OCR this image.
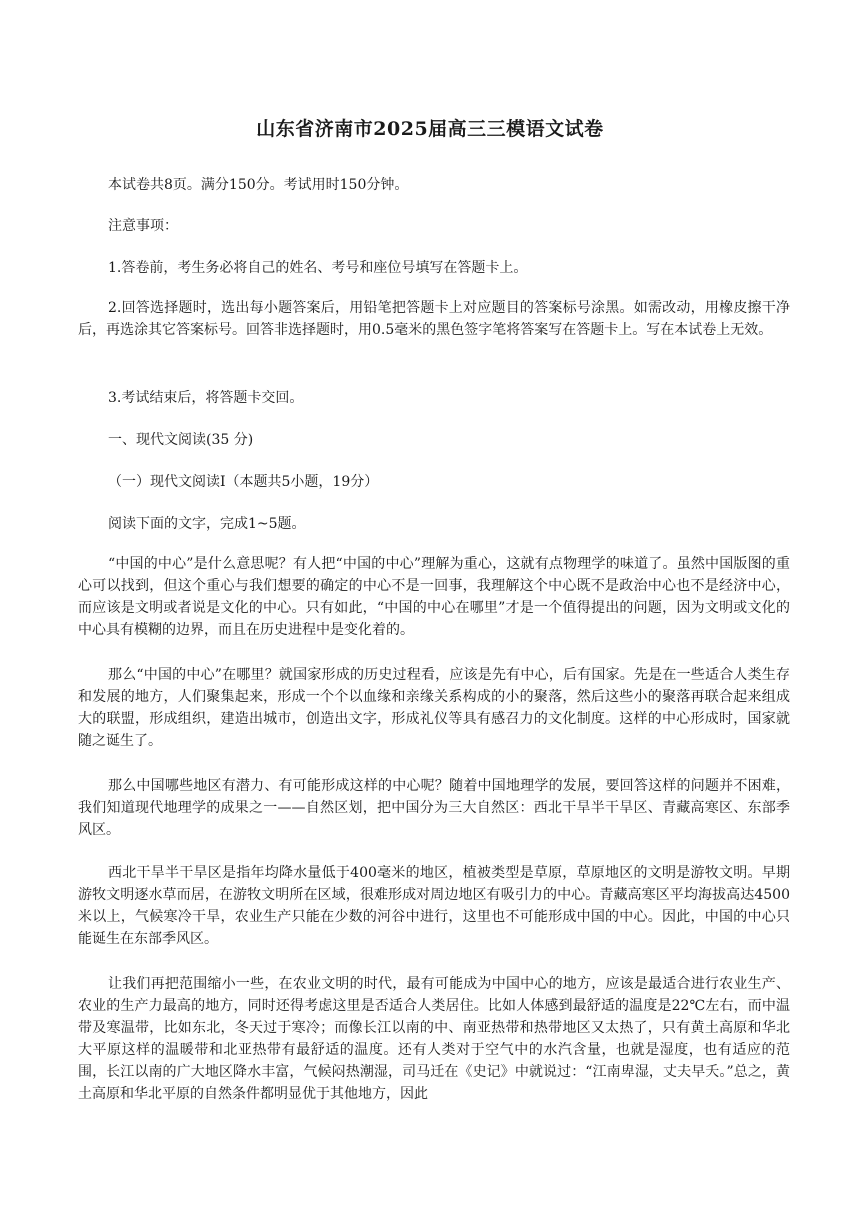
山东省济南市2025届高三三模语文试卷

本试卷共8页。满分150分。考试用时150分钟。

注意事项：

1.答卷前，考生务必将自己的姓名、考号和座位号填写在答题卡上。

2.回答选择题时，选出每小题答案后，用铅笔把答题卡上对应题目的答案标号涂黑。如需改动，用橡皮擦干净后，再选涂其它答案标号。回答非选择题时，用0.5毫米的黑色签字笔将答案写在答题卡上。写在本试卷上无效。

3.考试结束后，将答题卡交回。

一、现代文阅读(35 分)

（一）现代文阅读Ⅰ（本题共5小题，19分）

阅读下面的文字，完成1~5题。

“中国的中心”是什么意思呢？有人把“中国的中心”理解为重心，这就有点物理学的味道了。虽然中国版图的重心可以找到，但这个重心与我们想要的确定的中心不是一回事，我理解这个中心既不是政治中心也不是经济中心，而应该是文明或者说是文化的中心。只有如此，“中国的中心在哪里”才是一个值得提出的问题，因为文明或文化的中心具有模糊的边界，而且在历史进程中是变化着的。

那么“中国的中心”在哪里？就国家形成的历史过程看，应该是先有中心，后有国家。先是在一些适合人类生存和发展的地方，人们聚集起来，形成一个个以血缘和亲缘关系构成的小的聚落，然后这些小的聚落再联合起来组成大的联盟，形成组织，建造出城市，创造出文字，形成礼仪等具有感召力的文化制度。这样的中心形成时，国家就随之诞生了。

那么中国哪些地区有潜力、有可能形成这样的中心呢？随着中国地理学的发展，要回答这样的问题并不困难，我们知道现代地理学的成果之一——自然区划，把中国分为三大自然区：西北干旱半干旱区、青藏高寒区、东部季风区。

西北干旱半干旱区是指年均降水量低于400毫米的地区，植被类型是草原，草原地区的文明是游牧文明。早期游牧文明逐水草而居，在游牧文明所在区域，很难形成对周边地区有吸引力的中心。青藏高寒区平均海拔高达4500米以上，气候寒冷干旱，农业生产只能在少数的河谷中进行，这里也不可能形成中国的中心。因此，中国的中心只能诞生在东部季风区。

让我们再把范围缩小一些，在农业文明的时代，最有可能成为中国中心的地方，应该是最适合进行农业生产、农业的生产力最高的地方，同时还得考虑这里是否适合人类居住。比如人体感到最舒适的温度是22℃左右，而中温带及寒温带，比如东北，冬天过于寒冷；而像长江以南的中、南亚热带和热带地区又太热了，只有黄土高原和华北大平原这样的温暖带和北亚热带有最舒适的温度。还有人类对于空气中的水汽含量，也就是湿度，也有适应的范围，长江以南的广大地区降水丰富，气候闷热潮湿，司马迁在《史记》中就说过：“江南卑湿，丈夫早夭。”总之，黄土高原和华北平原的自然条件都明显优于其他地方，因此
